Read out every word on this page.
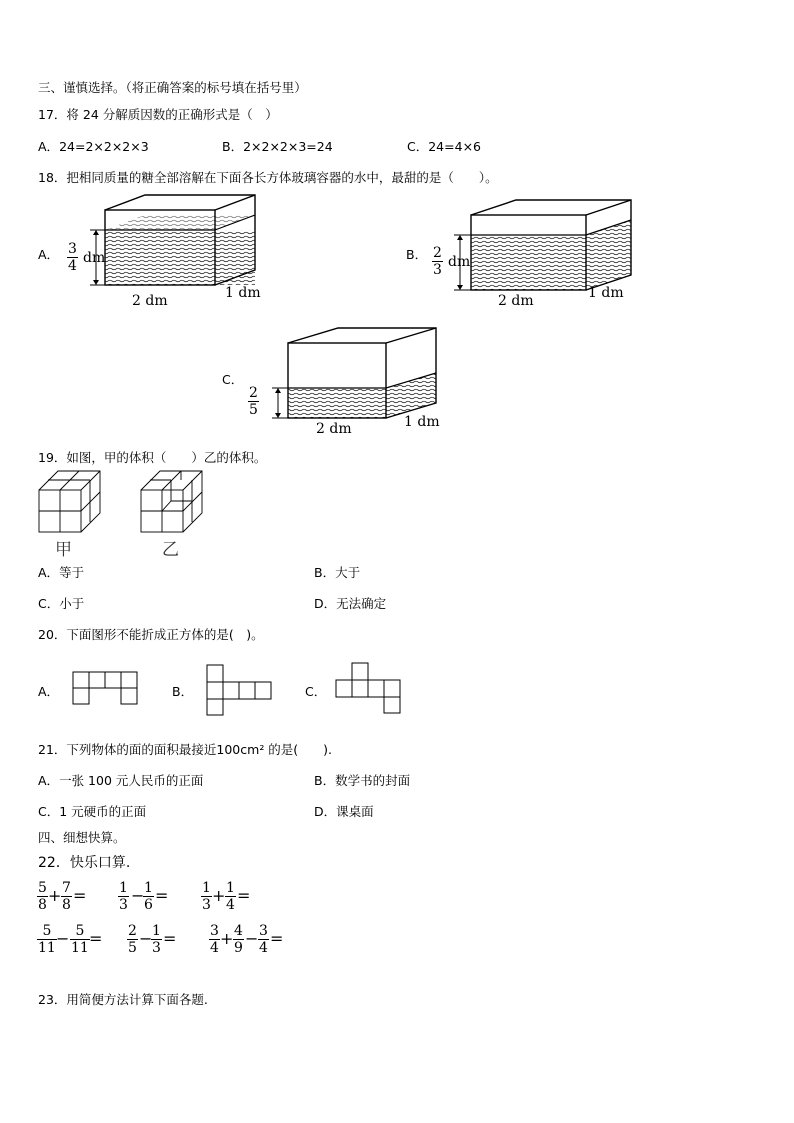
三、谨慎选择。（将正确答案的标号填在括号里）
17．将 24 分解质因数的正确形式是（　）
A．24=2×2×2×3	B．2×2×2×3=24	C．24=4×6
18．把相同质量的糖全部溶解在下面各长方体玻璃容器的水中，最甜的是（　　）。
A． 3
4 dm
2 dm	1 dm
B． 2
3 dm
2 dm	1 dm
C．
2
5
2 dm	1 dm
19．如图，甲的体积（　　）乙的体积。
甲	乙
A．等于	B．大于
C．小于	D．无法确定
20．下面图形不能折成正方体的是(　)。
A．	B．	C．
21．下列物体的面的面积最接近100cm² 的是(　　).
A．一张 100 元人民币的正面	B．数学书的封面
C．1 元硬币的正面	D．课桌面
四、细想快算。
22．快乐口算.
5
8 + 7
8 = 1
3 − 1
6 = 1
3 + 1
4 =
5
11 − 5
11 = 2
5 − 1
3 = 3
4 + 4
9 − 3
4 =
23．用简便方法计算下面各题.
